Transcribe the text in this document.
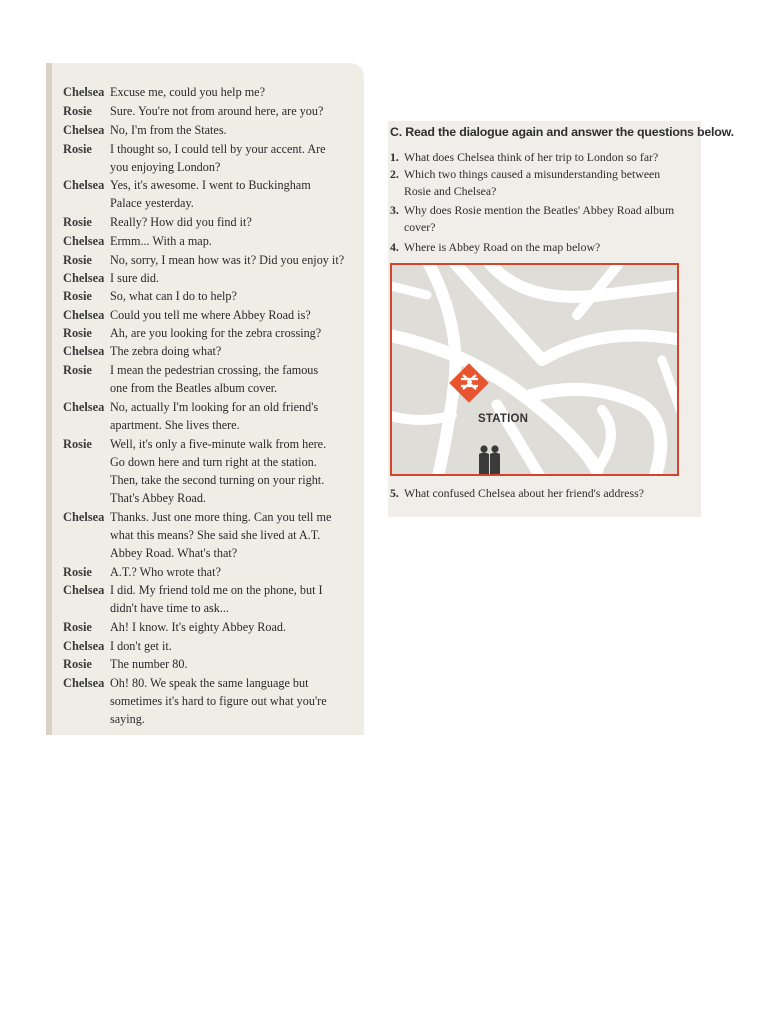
Chelsea Excuse me, could you help me?
Rosie	Sure. You're not from around here, are you?
Chelsea No, I'm from the States.
Rosie	I thought so, I could tell by your accent. Are
you enjoying London?
Chelsea Yes, it's awesome. I went to Buckingham
Palace yesterday.
Rosie	Really? How did you find it?
Chelsea Ermm... With a map.
Rosie	No, sorry, I mean how was it? Did you enjoy it?
Chelsea I sure did.
Rosie	So, what can I do to help?
Chelsea Could you tell me where Abbey Road is?
Rosie	Ah, are you looking for the zebra crossing?
Chelsea The zebra doing what?
Rosie	I mean the pedestrian crossing, the famous
one from the Beatles album cover.
Chelsea No, actually I'm looking for an old friend's
apartment. She lives there.
Rosie	Well, it's only a five-minute walk from here.
Go down here and turn right at the station.
Then, take the second turning on your right.
That's Abbey Road.
Chelsea Thanks. Just one more thing. Can you tell me
what this means? She said she lived at A.T.
Abbey Road. What's that?
Rosie	A.T.? Who wrote that?
Chelsea I did. My friend told me on the phone, but I
didn't have time to ask...
Rosie	Ah! I know. It's eighty Abbey Road.
Chelsea I don't get it.
Rosie	The number 80.
Chelsea Oh! 80. We speak the same language but
sometimes it's hard to figure out what you're
saying.
C. Read the dialogue again and answer the questions below.
1. What does Chelsea think of her trip to London so far?
2. Which two things caused a misunderstanding between
Rosie and Chelsea?
3. Why does Rosie mention the Beatles' Abbey Road album
cover?
4. Where is Abbey Road on the map below?
STATION
5. What confused Chelsea about her friend's address?
